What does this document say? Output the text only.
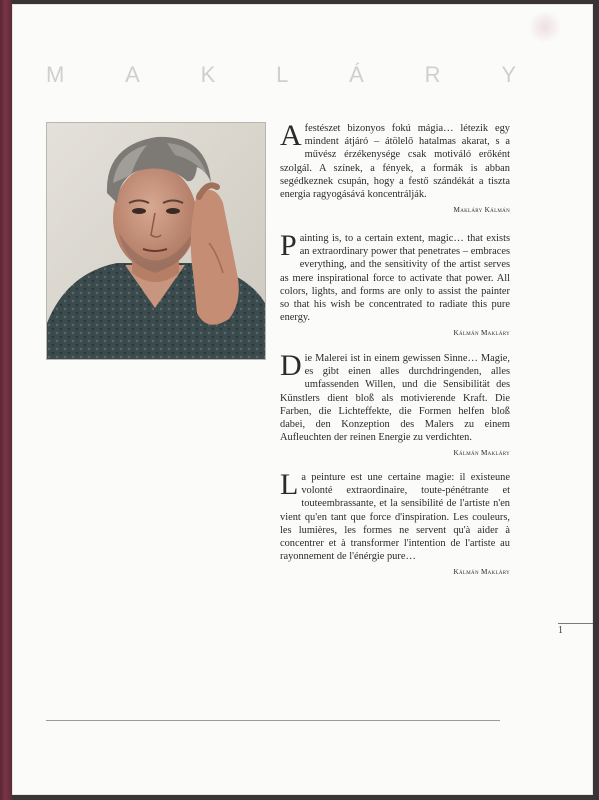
M	A	K	L	Á	R	Y

A festészet bizonyos fokú mágia… létezik egy mindent átjáró – átölelő hatalmas akarat, s a művész érzékenysége csak motiváló erőként szolgál. A színek, a fények, a formák is abban segédkeznek csupán, hogy a festő szándékát a tiszta energia ragyogásává koncentrálják.

Makláry Kálmán

Painting is, to a certain extent, magic… that exists an extraordinary power that penetrates – embraces everything, and the sensitivity of the artist serves as mere inspirational force to activate that power. All colors, lights, and forms are only to assist the painter so that his wish be concentrated to radiate this pure energy.

Kálmán Makláry

Die Malerei ist in einem gewissen Sinne… Magie, es gibt einen alles durchdringenden, alles umfassenden Willen, und die Sensibilität des Künstlers dient bloß als motivierende Kraft. Die Farben, die Lichteffekte, die Formen helfen bloß dabei, den Konzeption des Malers zu einem Aufleuchten der reinen Energie zu verdichten.

Kálmán Makláry

La peinture est une certaine magie: il existeune volonté extraordinaire, toute-pénétrante et touteembrassante, et la sensibilité de l'artiste n'en vient qu'en tant que force d'inspiration. Les couleurs, les lumières, les formes ne servent qu'à aider à concentrer et à transformer l'intention de l'artiste au rayonnement de l'énérgie pure…

Kálmán Makláry
1
